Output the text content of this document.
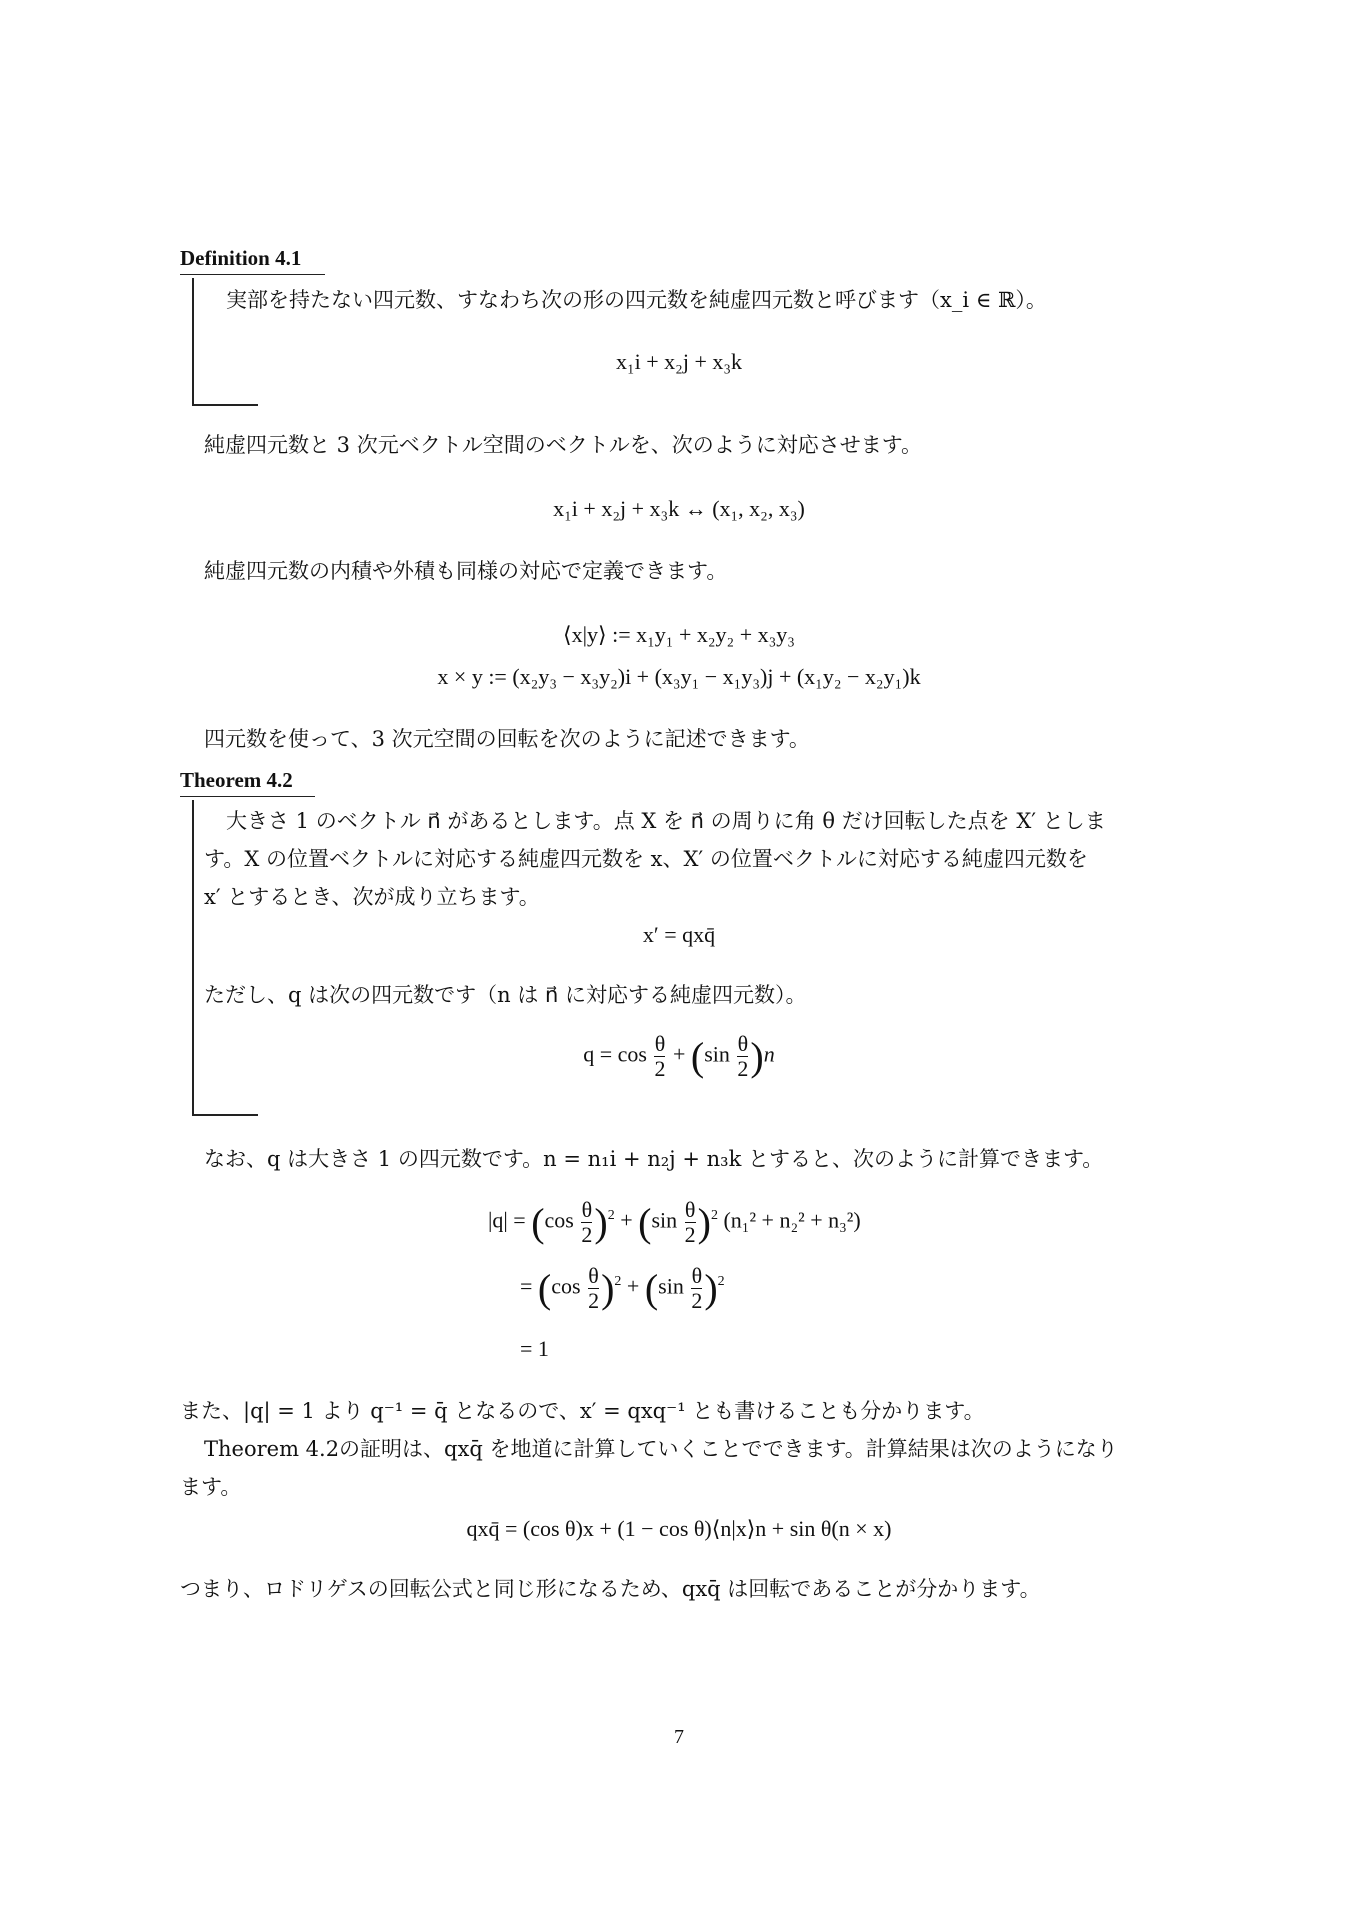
Definition 4.1
実部を持たない四元数、すなわち次の形の四元数を純虚四元数と呼びます（x_i ∈ ℝ）。
x₁i + x₂j + x₃k
純虚四元数と 3 次元ベクトル空間のベクトルを、次のように対応させます。
x₁i + x₂j + x₃k ↔ (x₁, x₂, x₃)
純虚四元数の内積や外積も同様の対応で定義できます。
⟨x|y⟩ := x₁y₁ + x₂y₂ + x₃y₃
x × y := (x₂y₃ − x₃y₂)i + (x₃y₁ − x₁y₃)j + (x₁y₂ − x₂y₁)k
四元数を使って、3 次元空間の回転を次のように記述できます。
Theorem 4.2
大きさ 1 のベクトル n⃗ があるとします。点 X を n⃗ の周りに角 θ だけ回転した点を X′ としま
す。X の位置ベクトルに対応する純虚四元数を x、X′ の位置ベクトルに対応する純虚四元数を
x′ とするとき、次が成り立ちます。
x′ = qxq̄
ただし、q は次の四元数です（n は n⃗ に対応する純虚四元数）。
$q = \cos \frac{\theta}{2} + (\sin \frac{\theta}{2} )n$
なお、q は大きさ 1 の四元数です。n = n₁i + n₂j + n₃k とすると、次のように計算できます。
$|q| = (\cos \frac{\theta}{2} )^2 + (\sin \frac{\theta}{2} )^2$ (n₁² + n₂² + n₃²)
= $(\cos \frac{\theta}{2} )^2 + (\sin \frac{\theta}{2} )^2$
= 1
また、|q| = 1 より q⁻¹ = q̄ となるので、x′ = qxq⁻¹ とも書けることも分かります。
Theorem 4.2の証明は、qxq̄ を地道に計算していくことでできます。計算結果は次のようになり
ます。
qxq̄ = (cos θ)x + (1 − cos θ)⟨n|x⟩n + sin θ(n × x)
つまり、ロドリゲスの回転公式と同じ形になるため、qxq̄ は回転であることが分かります。
7
